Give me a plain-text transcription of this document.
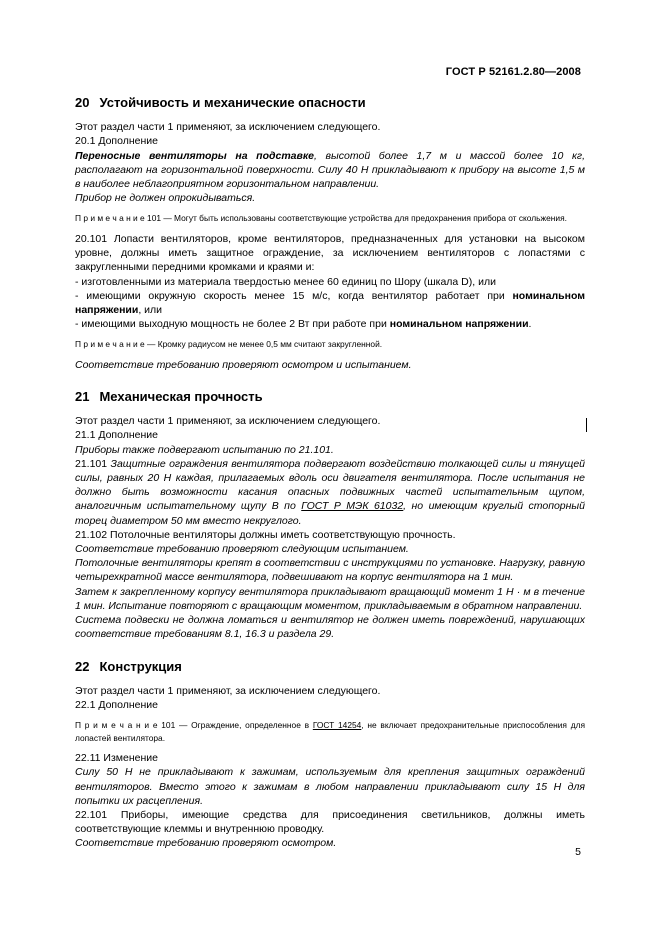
ГОСТ Р 52161.2.80—2008
20 Устойчивость и механические опасности

Этот раздел части 1 применяют, за исключением следующего.

20.1 Дополнение

Переносные вентиляторы на подставке, высотой более 1,7 м и массой более 10 кг, располагают на горизонтальной поверхности. Силу 40 Н прикладывают к прибору на высоте 1,5 м в наиболее неблагоприятном горизонтальном направлении.

Прибор не должен опрокидываться.

П р и м е ч а н и е 101 — Могут быть использованы соответствующие устройства для предохранения прибора от скольжения.

20.101 Лопасти вентиляторов, кроме вентиляторов, предназначенных для установки на высоком уровне, должны иметь защитное ограждение, за исключением вентиляторов с лопастями с закругленными передними кромками и краями и:

- изготовленными из материала твердостью менее 60 единиц по Шору (шкала D), или

- имеющими окружную скорость менее 15 м/с, когда вентилятор работает при номинальном напряжении, или

- имеющими выходную мощность не более 2 Вт при работе при номинальном напряжении.

П р и м е ч а н и е — Кромку радиусом не менее 0,5 мм считают закругленной.

Соответствие требованию проверяют осмотром и испытанием.

21 Механическая прочность

Этот раздел части 1 применяют, за исключением следующего.

21.1 Дополнение

Приборы также подвергают испытанию по 21.101.

21.101 Защитные ограждения вентилятора подвергают воздействию толкающей силы и тянущей силы, равных 20 Н каждая, прилагаемых вдоль оси двигателя вентилятора. После испытания не должно быть возможности касания опасных подвижных частей испытательным щупом, аналогичным испытательному щупу В по ГОСТ Р МЭК 61032, но имеющим круглый стопорный торец диаметром 50 мм вместо некруглого.

21.102 Потолочные вентиляторы должны иметь соответствующую прочность.

Соответствие требованию проверяют следующим испытанием.

Потолочные вентиляторы крепят в соответствии с инструкциями по установке. Нагрузку, равную четырехкратной массе вентилятора, подвешивают на корпус вентилятора на 1 мин.

Затем к закрепленному корпусу вентилятора прикладывают вращающий момент 1 Н · м в течение 1 мин. Испытание повторяют с вращающим моментом, прикладываемым в обратном направлении.

Система подвески не должна ломаться и вентилятор не должен иметь повреждений, нарушающих соответствие требованиям 8.1, 16.3 и раздела 29.

22 Конструкция

Этот раздел части 1 применяют, за исключением следующего.

22.1 Дополнение

П р и м е ч а н и е 101 — Ограждение, определенное в ГОСТ 14254, не включает предохранительные приспособления для лопастей вентилятора.

22.11 Изменение

Силу 50 Н не прикладывают к зажимам, используемым для крепления защитных ограждений вентиляторов. Вместо этого к зажимам в любом направлении прикладывают силу 15 Н для попытки их расцепления.

22.101 Приборы, имеющие средства для присоединения светильников, должны иметь соответствующие клеммы и внутреннюю проводку.

Соответствие требованию проверяют осмотром.

5
